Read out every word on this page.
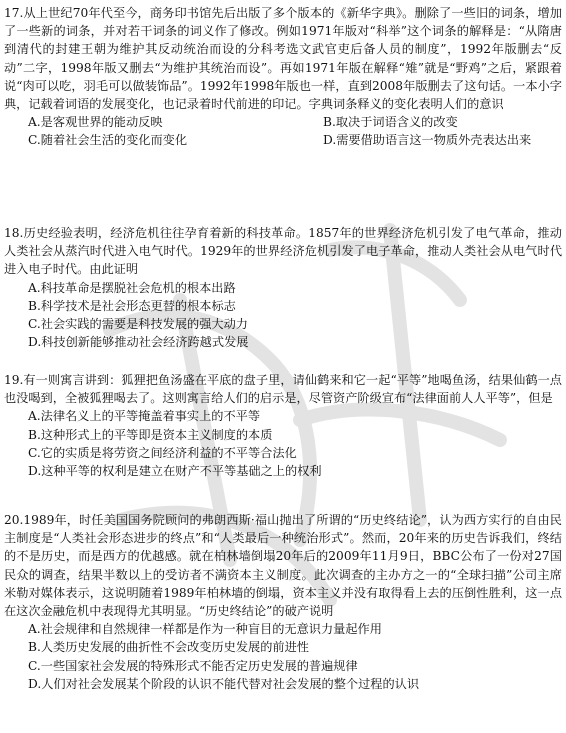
17.从上世纪70年代至今，商务印书馆先后出版了多个版本的《新华字典》。删除了一些旧的词条，增加了一些新的词条，并对若干词条的词义作了修改。例如1971年版对“科举”这个词条的解释是：“从隋唐到清代的封建王朝为维护其反动统治而设的分科考选文武官吏后备人员的制度”，1992年版删去“反动”二字，1998年版又删去“为维护其统治而设”。再如1971年版在解释“雉”就是“野鸡”之后，紧跟着说“肉可以吃，羽毛可以做装饰品”。1992年1998年版也一样，直到2008年版删去了这句话。一本小字典，记载着词语的发展变化，也记录着时代前进的印记。字典词条释义的变化表明人们的意识

A.是客观世界的能动反映	B.取决于词语含义的改变
C.随着社会生活的变化而变化	D.需要借助语言这一物质外壳表达出来

18.历史经验表明，经济危机往往孕育着新的科技革命。1857年的世界经济危机引发了电气革命，推动人类社会从蒸汽时代进入电气时代。1929年的世界经济危机引发了电子革命，推动人类社会从电气时代进入电子时代。由此证明

A.科技革命是摆脱社会危机的根本出路
B.科学技术是社会形态更替的根本标志
C.社会实践的需要是科技发展的强大动力
D.科技创新能够推动社会经济跨越式发展

19.有一则寓言讲到：狐狸把鱼汤盛在平底的盘子里，请仙鹤来和它一起“平等”地喝鱼汤，结果仙鹤一点也没喝到，全被狐狸喝去了。这则寓言给人们的启示是，尽管资产阶级宣布“法律面前人人平等”，但是

A.法律名义上的平等掩盖着事实上的不平等
B.这种形式上的平等即是资本主义制度的本质
C.它的实质是将劳资之间经济利益的不平等合法化
D.这种平等的权利是建立在财产不平等基础之上的权利

20.1989年，时任美国国务院顾问的弗朗西斯·福山抛出了所谓的“历史终结论”，认为西方实行的自由民主制度是“人类社会形态进步的终点”和“人类最后一种统治形式”。然而，20年来的历史告诉我们，终结的不是历史，而是西方的优越感。就在柏林墙倒塌20年后的2009年11月9日，BBC公布了一份对27国民众的调查，结果半数以上的受访者不满资本主义制度。此次调查的主办方之一的“全球扫描”公司主席米勒对媒体表示，这说明随着1989年柏林墙的倒塌，资本主义并没有取得看上去的压倒性胜利，这一点在这次金融危机中表现得尤其明显。“历史终结论”的破产说明

A.社会规律和自然规律一样都是作为一种盲目的无意识力量起作用
B.人类历史发展的曲折性不会改变历史发展的前进性
C.一些国家社会发展的特殊形式不能否定历史发展的普遍规律
D.人们对社会发展某个阶段的认识不能代替对社会发展的整个过程的认识
